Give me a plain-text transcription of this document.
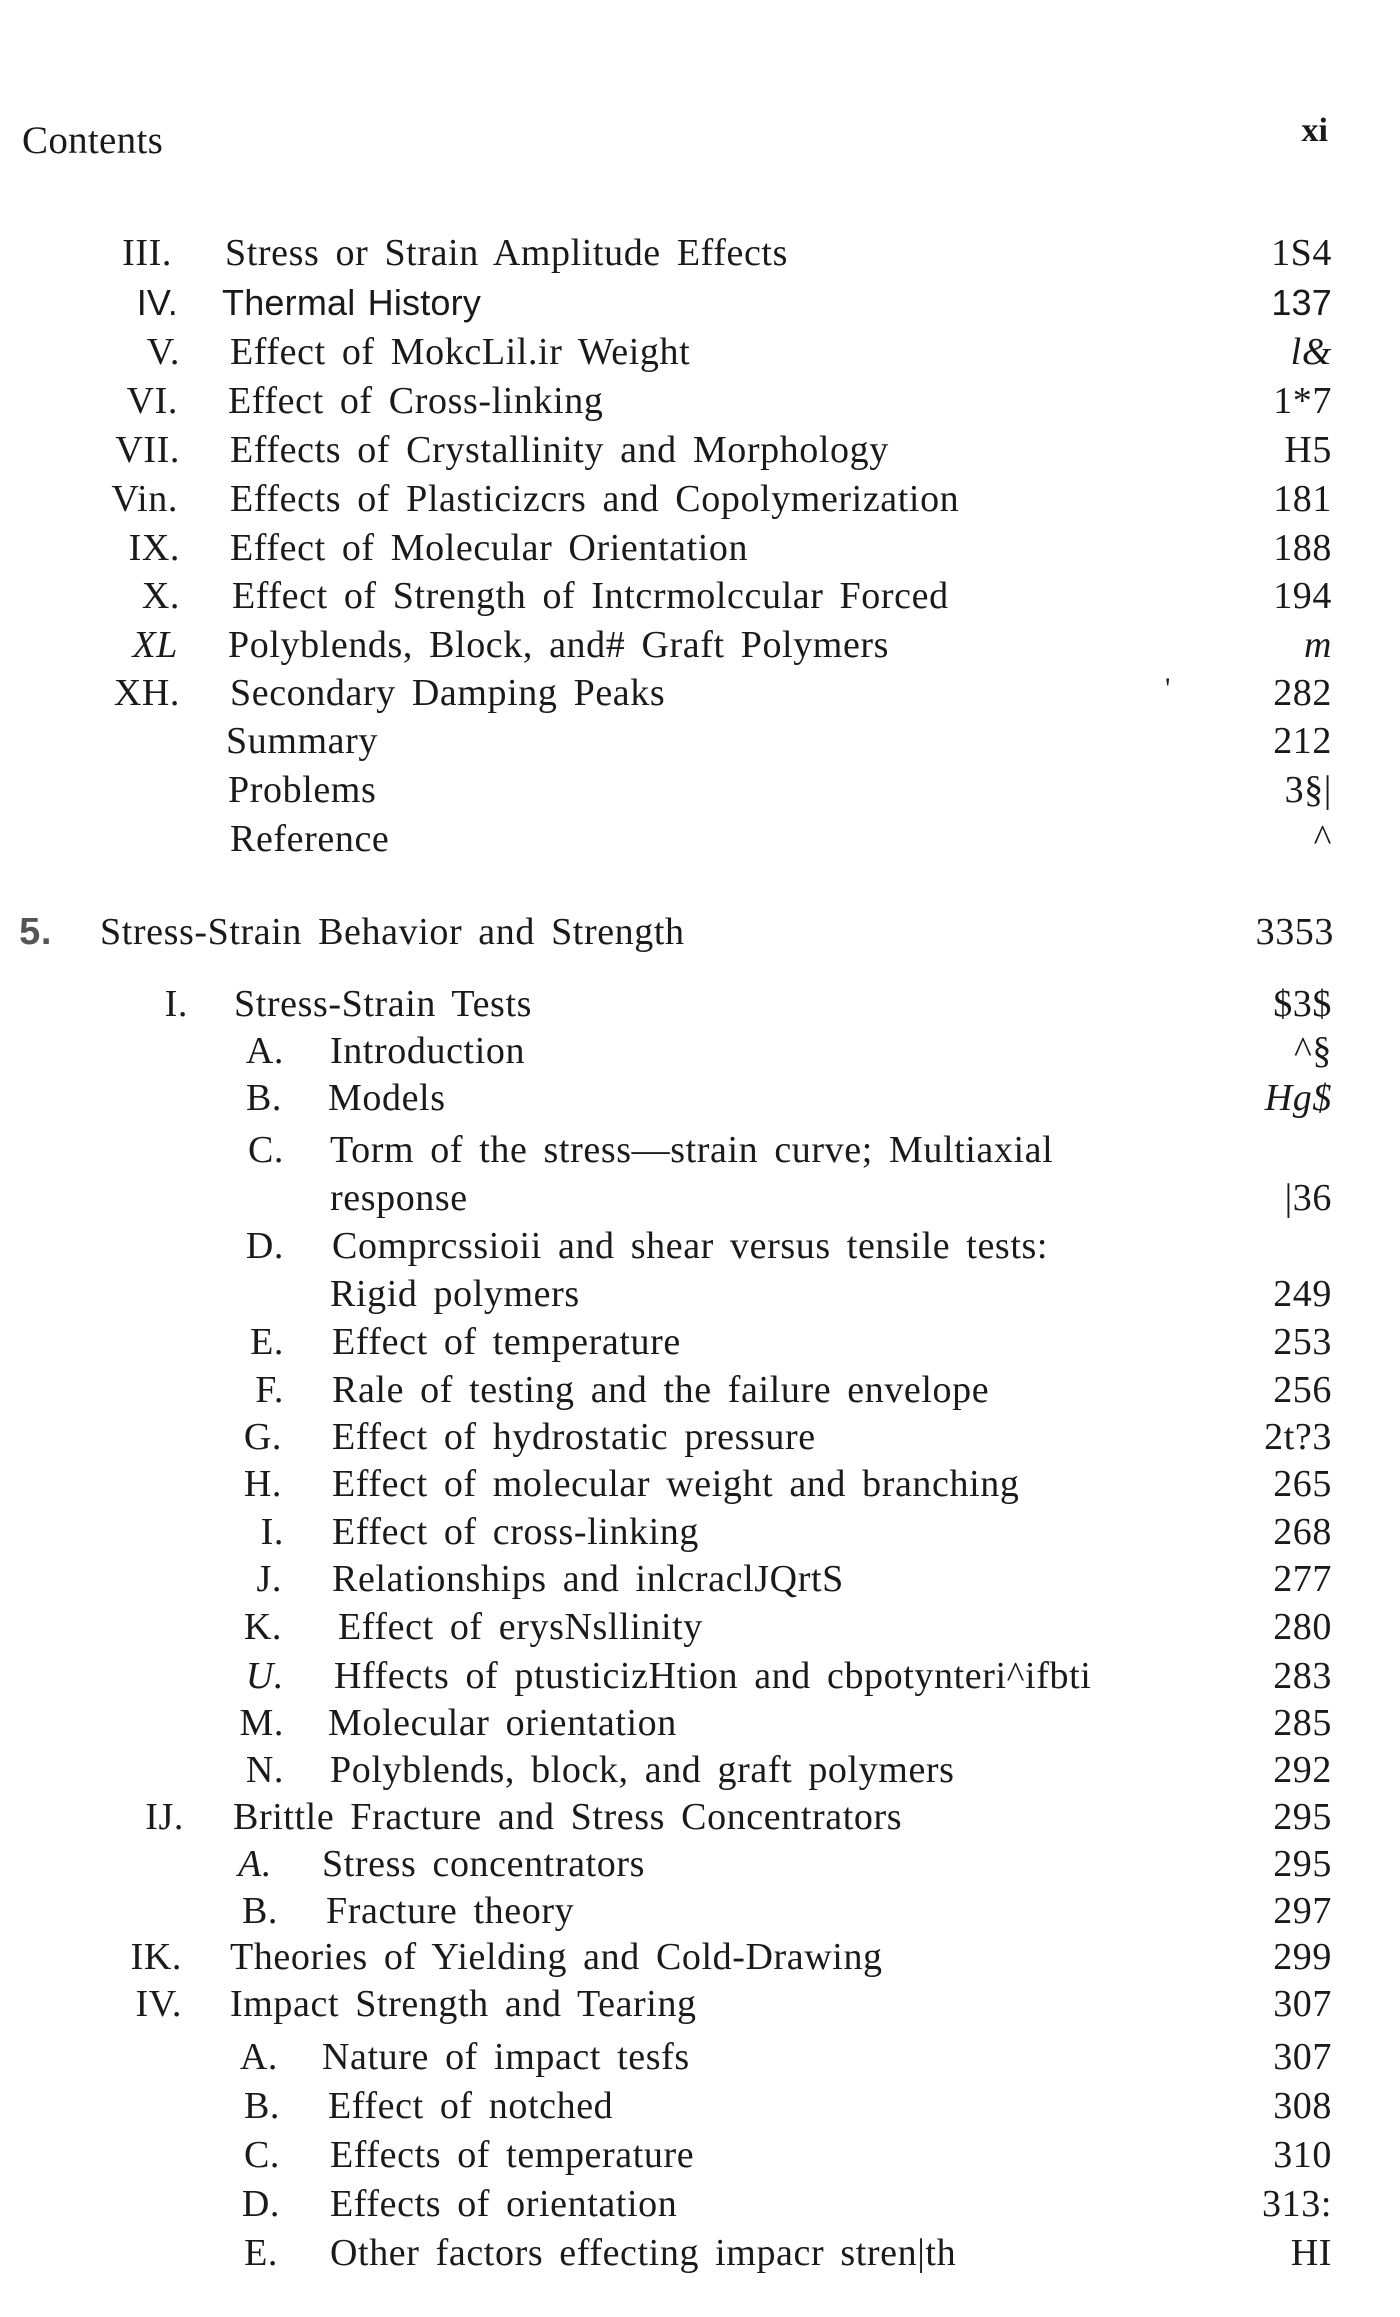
Contents	xi
'
III. Stress or Strain Amplitude Effects	1S4
IV. Thermal History	137
V. Effect of MokcLil.ir Weight	l&
VI. Effect of Cross-linking	1*7
VII. Effects of Crystallinity and Morphology	H5
Vin. Effects of Plasticizcrs and Copolymerization	181
IX. Effect of Molecular Orientation	188
X. Effect of Strength of Intcrmolccular Forced	194
XL Polyblends, Block, and# Graft Polymers	m
XH. Secondary Damping Peaks	282
Summary	212
Problems	3§|
Reference	^
5. Stress-Strain Behavior and Strength	3353
I. Stress-Strain Tests	$3$
A. Introduction	^§
B. Models	Hg$
C. Torm of the stress—strain curve; Multiaxial
response	|36
D. Comprcssioii and shear versus tensile tests:
Rigid polymers	249
E. Effect of temperature	253
F. Rale of testing and the failure envelope	256
G. Effect of hydrostatic pressure	2t?3
H. Effect of molecular weight and branching	265
I. Effect of cross-linking	268
J. Relationships and inlcraclJQrtS	277
K. Effect of erysNsllinity	280
U. Hffects of ptusticizHtion and cbpotynteri^ifbti	283
M. Molecular orientation	285
N. Polyblends, block, and graft polymers	292
IJ. Brittle Fracture and Stress Concentrators	295
A. Stress concentrators	295
B. Fracture theory	297
IK. Theories of Yielding and Cold-Drawing	299
IV. Impact Strength and Tearing	307
A. Nature of impact tesfs	307
B. Effect of notched	308
C. Effects of temperature	310
D. Effects of orientation	313:
E. Other factors effecting impacr stren|th	HI
